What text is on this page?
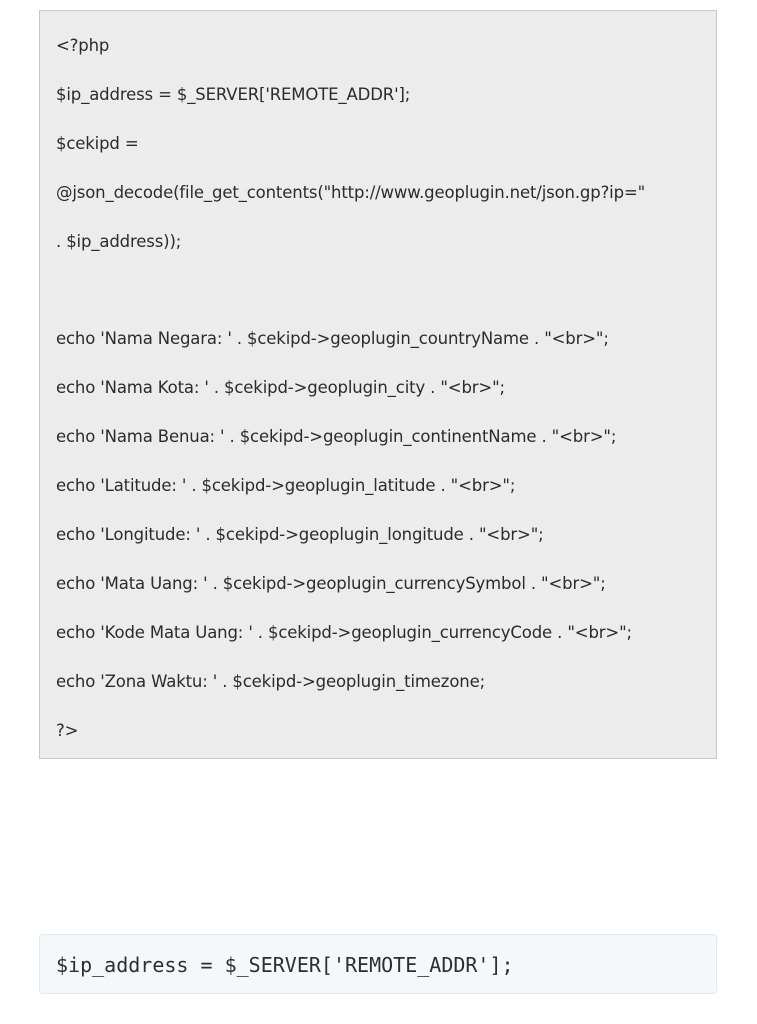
<?php
$ip_address = $_SERVER['REMOTE_ADDR'];
$cekipd =
@json_decode(file_get_contents("http://www.geoplugin.net/json.gp?ip="
. $ip_address));
echo 'Nama Negara: ' . $cekipd->geoplugin_countryName . "<br>";
echo 'Nama Kota: ' . $cekipd->geoplugin_city . "<br>";
echo 'Nama Benua: ' . $cekipd->geoplugin_continentName . "<br>";
echo 'Latitude: ' . $cekipd->geoplugin_latitude . "<br>";
echo 'Longitude: ' . $cekipd->geoplugin_longitude . "<br>";
echo 'Mata Uang: ' . $cekipd->geoplugin_currencySymbol . "<br>";
echo 'Kode Mata Uang: ' . $cekipd->geoplugin_currencyCode . "<br>";
echo 'Zona Waktu: ' . $cekipd->geoplugin_timezone;
?>
$ip_address = $_SERVER['REMOTE_ADDR'];
